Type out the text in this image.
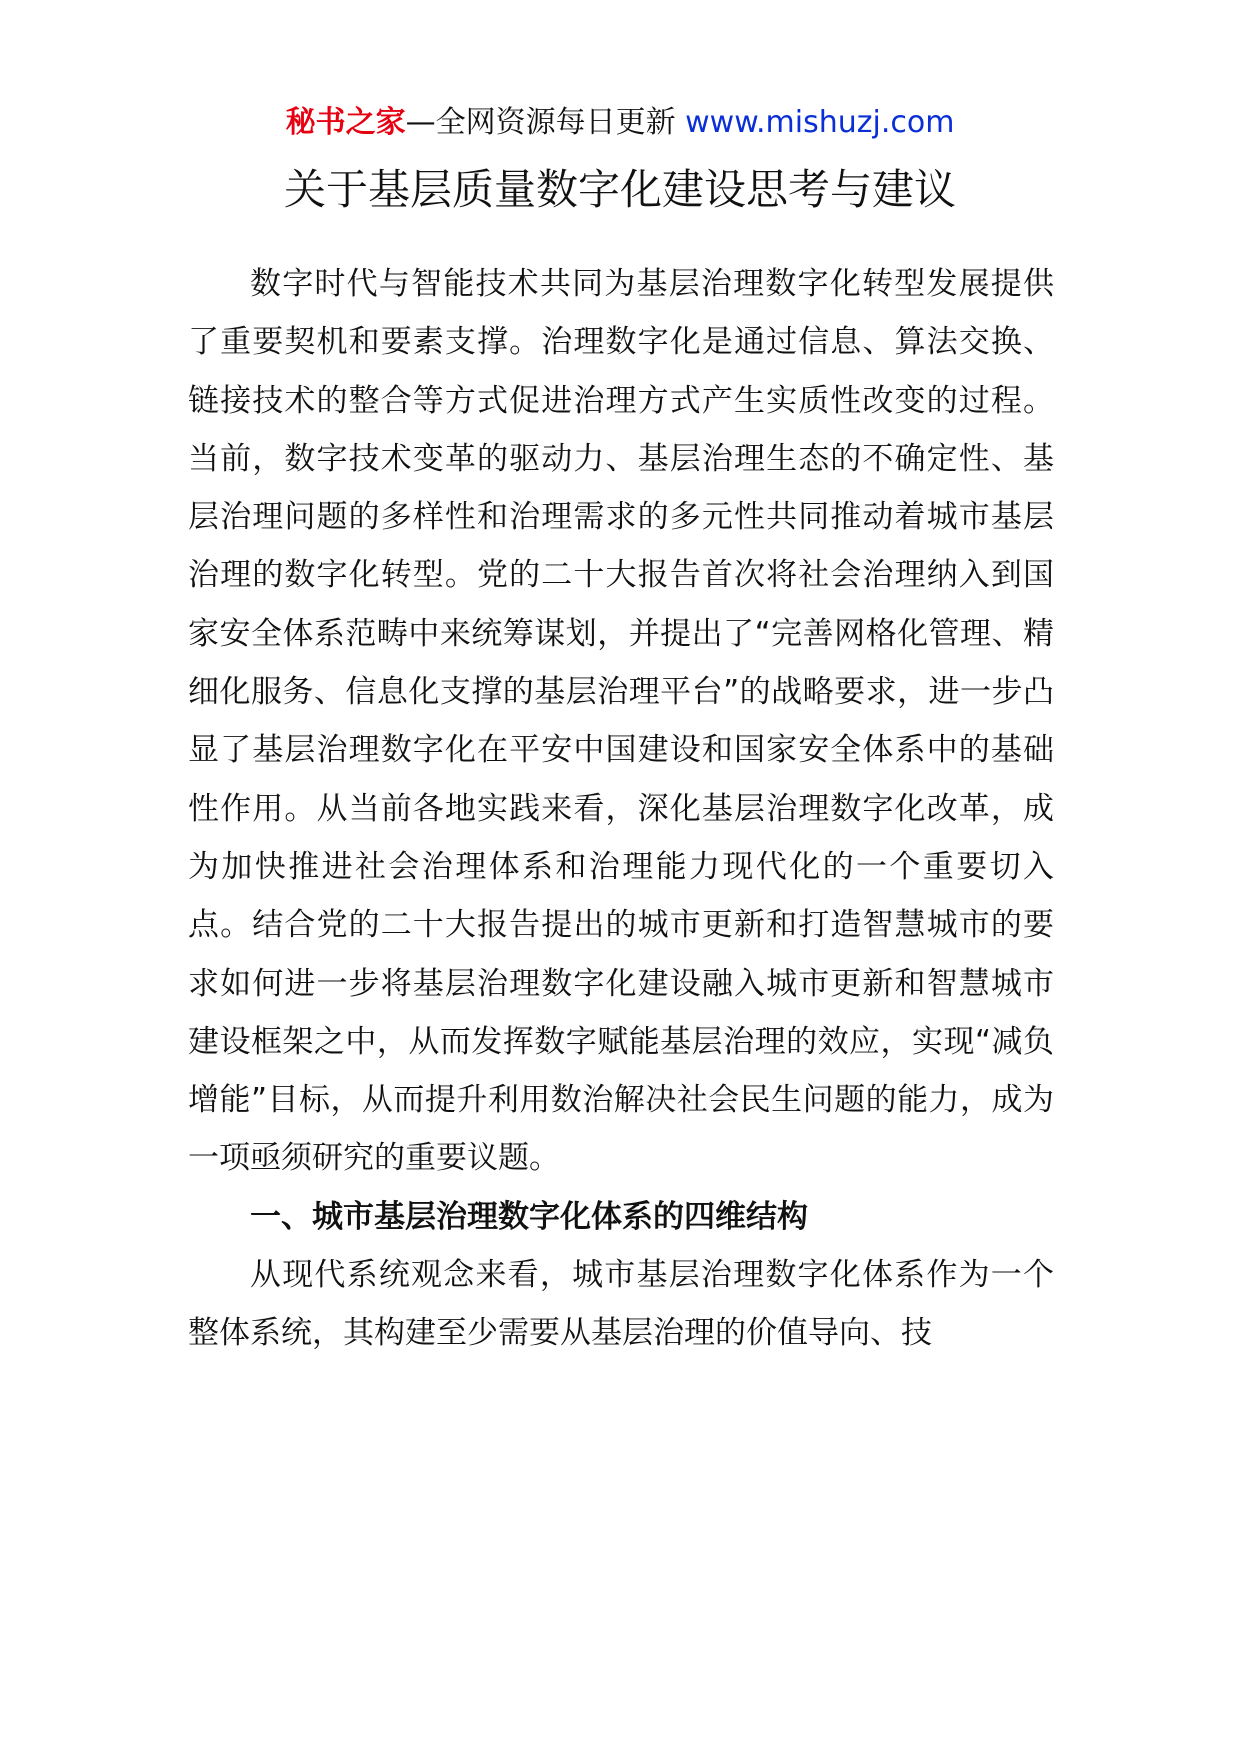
秘书之家—全网资源每日更新 www.mishuzj.com
关于基层质量数字化建设思考与建议

数字时代与智能技术共同为基层治理数字化转型发展提供了重要契机和要素支撑。治理数字化是通过信息、算法交换、链接技术的整合等方式促进治理方式产生实质性改变的过程。当前，数字技术变革的驱动力、基层治理生态的不确定性、基层治理问题的多样性和治理需求的多元性共同推动着城市基层治理的数字化转型。党的二十大报告首次将社会治理纳入到国家安全体系范畴中来统筹谋划，并提出了“完善网格化管理、精细化服务、信息化支撑的基层治理平台”的战略要求，进一步凸显了基层治理数字化在平安中国建设和国家安全体系中的基础性作用。从当前各地实践来看，深化基层治理数字化改革，成为加快推进社会治理体系和治理能力现代化的一个重要切入点。结合党的二十大报告提出的城市更新和打造智慧城市的要求如何进一步将基层治理数字化建设融入城市更新和智慧城市建设框架之中，从而发挥数字赋能基层治理的效应，实现“减负增能”目标，从而提升利用数治解决社会民生问题的能力，成为一项亟须研究的重要议题。

一、城市基层治理数字化体系的四维结构

从现代系统观念来看，城市基层治理数字化体系作为一个整体系统，其构建至少需要从基层治理的价值导向、技
